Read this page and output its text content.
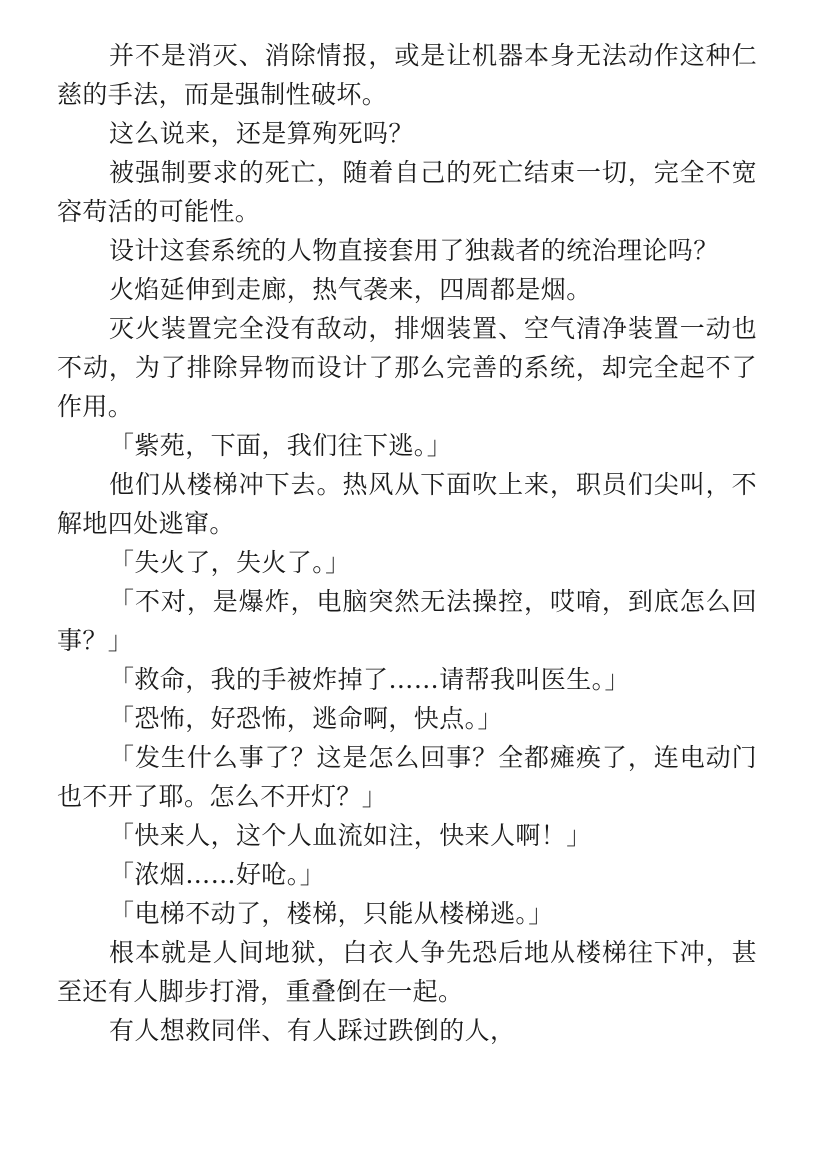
并不是消灭、消除情报，或是让机器本身无法动作这种仁慈的手法，而是强制性破坏。

这么说来，还是算殉死吗？

被强制要求的死亡，随着自己的死亡结束一切，完全不宽容苟活的可能性。

设计这套系统的人物直接套用了独裁者的统治理论吗？

火焰延伸到走廊，热气袭来，四周都是烟。

灭火装置完全没有敌动，排烟装置、空气清净装置一动也不动，为了排除异物而设计了那么完善的系统，却完全起不了作用。

「紫苑，下面，我们往下逃。」

他们从楼梯冲下去。热风从下面吹上来，职员们尖叫，不解地四处逃窜。

「失火了，失火了。」

「不对，是爆炸，电脑突然无法操控，哎唷，到底怎么回事？」

「救命，我的手被炸掉了……请帮我叫医生。」

「恐怖，好恐怖，逃命啊，快点。」

「发生什么事了？这是怎么回事？全都瘫痪了，连电动门也不开了耶。怎么不开灯？」

「快来人，这个人血流如注，快来人啊！」

「浓烟……好呛。」

「电梯不动了，楼梯，只能从楼梯逃。」

根本就是人间地狱，白衣人争先恐后地从楼梯往下冲，甚至还有人脚步打滑，重叠倒在一起。

有人想救同伴、有人踩过跌倒的人，
